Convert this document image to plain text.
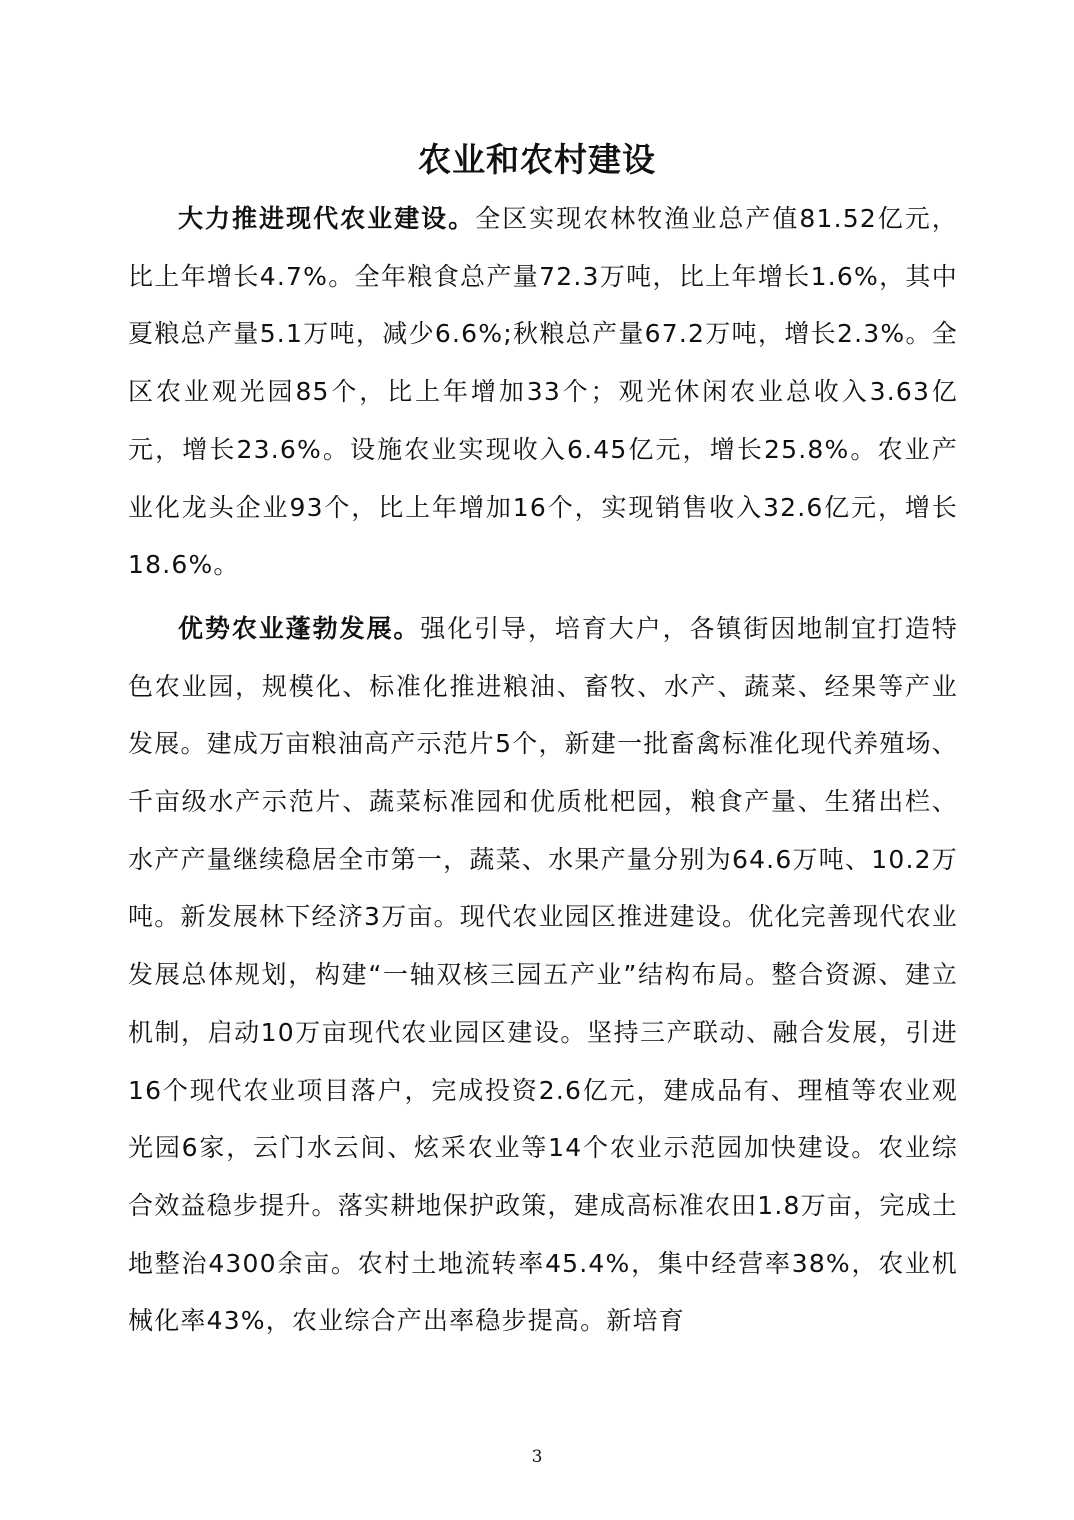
农业和农村建设

大力推进现代农业建设。全区实现农林牧渔业总产值81.52亿元，比上年增长4.7%。全年粮食总产量72.3万吨，比上年增长1.6%，其中夏粮总产量5.1万吨，减少6.6%;秋粮总产量67.2万吨，增长2.3%。全区农业观光园85个，比上年增加33个；观光休闲农业总收入3.63亿元，增长23.6%。设施农业实现收入6.45亿元，增长25.8%。农业产业化龙头企业93个，比上年增加16个，实现销售收入32.6亿元，增长18.6%。

优势农业蓬勃发展。强化引导，培育大户，各镇街因地制宜打造特色农业园，规模化、标准化推进粮油、畜牧、水产、蔬菜、经果等产业发展。建成万亩粮油高产示范片5个，新建一批畜禽标准化现代养殖场、千亩级水产示范片、蔬菜标准园和优质枇杷园，粮食产量、生猪出栏、水产产量继续稳居全市第一，蔬菜、水果产量分别为64.6万吨、10.2万吨。新发展林下经济3万亩。现代农业园区推进建设。优化完善现代农业发展总体规划，构建“一轴双核三园五产业”结构布局。整合资源、建立机制，启动10万亩现代农业园区建设。坚持三产联动、融合发展，引进16个现代农业项目落户，完成投资2.6亿元，建成品有、理植等农业观光园6家，云门水云间、炫采农业等14个农业示范园加快建设。农业综合效益稳步提升。落实耕地保护政策，建成高标准农田1.8万亩，完成土地整治4300余亩。农村土地流转率45.4%，集中经营率38%，农业机械化率43%，农业综合产出率稳步提高。新培育

3
